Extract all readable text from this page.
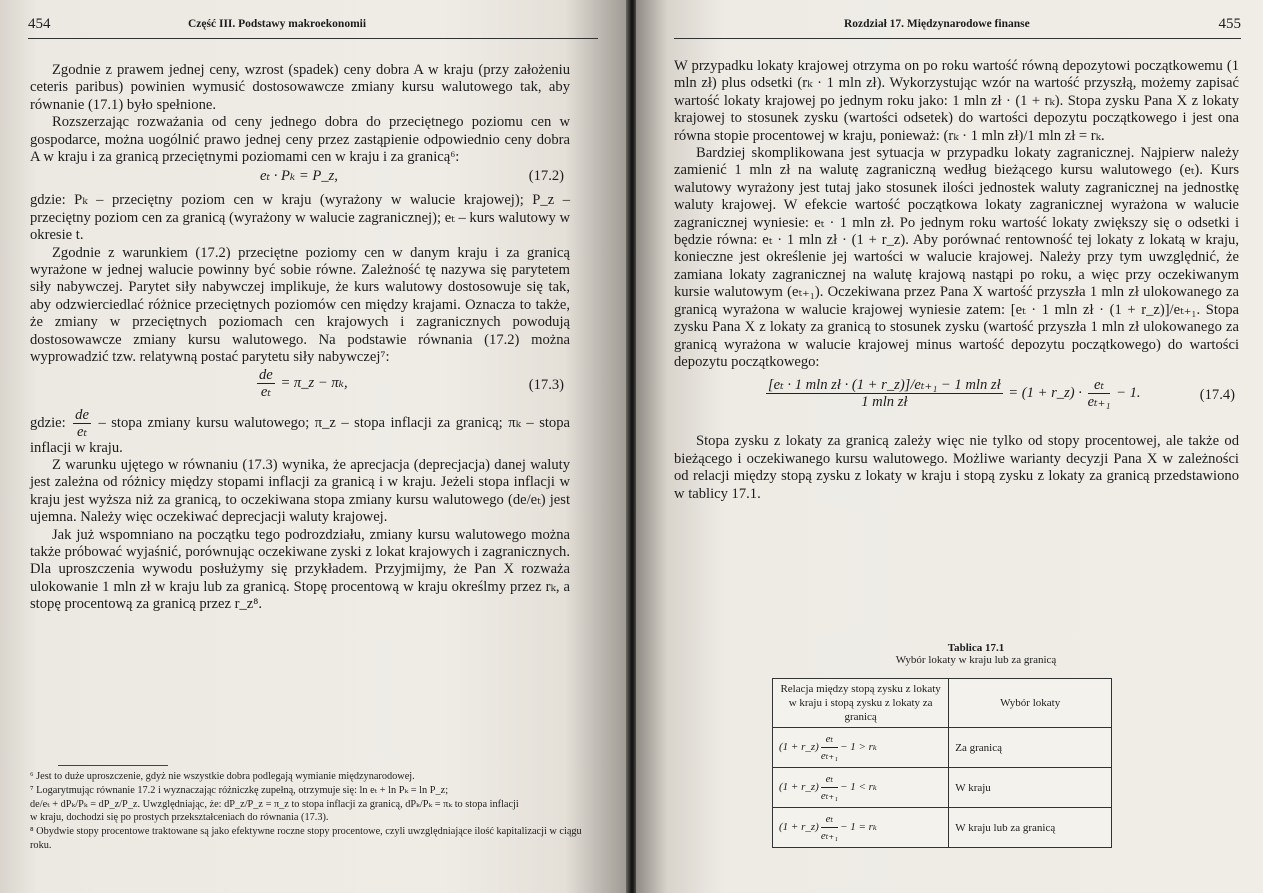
454	Część III. Podstawy makroekonomii

Zgodnie z prawem jednej ceny, wzrost (spadek) ceny dobra A w kraju (przy założeniu ceteris paribus) powinien wymusić dostosowawcze zmiany kursu walutowego tak, aby równanie (17.1) było spełnione.

Rozszerzając rozważania od ceny jednego dobra do przeciętnego poziomu cen w gospodarce, można uogólnić prawo jednej ceny przez zastąpienie odpowiednio ceny dobra A w kraju i za granicą przeciętnymi poziomami cen w kraju i za granicą⁶:

eₜ · Pₖ = P_z,	(17.2)

gdzie: Pₖ – przeciętny poziom cen w kraju (wyrażony w walucie krajowej); P_z – przeciętny poziom cen za granicą (wyrażony w walucie zagranicznej); eₜ – kurs walutowy w okresie t.

Zgodnie z warunkiem (17.2) przeciętne poziomy cen w danym kraju i za granicą wyrażone w jednej walucie powinny być sobie równe. Zależność tę nazywa się parytetem siły nabywczej. Parytet siły nabywczej implikuje, że kurs walutowy dostosowuje się tak, aby odzwierciedlać różnice przeciętnych poziomów cen między krajami. Oznacza to także, że zmiany w przeciętnych poziomach cen krajowych i zagranicznych powodują dostosowawcze zmiany kursu walutowego. Na podstawie równania (17.2) można wyprowadzić tzw. relatywną postać parytetu siły nabywczej⁷:

$\frac{de}{\text{eₜ}}$ = π_z − πₖ,	(17.3)

gdzie: $\frac{de}{\text{eₜ}}$ – stopa zmiany kursu walutowego; π_z – stopa inflacji za granicą; πₖ – stopa inflacji w kraju.

Z warunku ujętego w równaniu (17.3) wynika, że aprecjacja (deprecjacja) danej waluty jest zależna od różnicy między stopami inflacji za granicą i w kraju. Jeżeli stopa inflacji w kraju jest wyższa niż za granicą, to oczekiwana stopa zmiany kursu walutowego (de/eₜ) jest ujemna. Należy więc oczekiwać deprecjacji waluty krajowej.

Jak już wspomniano na początku tego podrozdziału, zmiany kursu walutowego można także próbować wyjaśnić, porównując oczekiwane zyski z lokat krajowych i zagranicznych. Dla uproszczenia wywodu posłużymy się przykładem. Przyjmijmy, że Pan X rozważa ulokowanie 1 mln zł w kraju lub za granicą. Stopę procentową w kraju określmy przez rₖ, a stopę procentową za granicą przez r_z⁸.

⁶ Jest to duże uproszczenie, gdyż nie wszystkie dobra podlegają wymianie międzynarodowej.

⁷ Logarytmując równanie 17.2 i wyznaczając różniczkę zupełną, otrzymuje się: ln eₜ + ln Pₖ = ln P_z;

de/eₜ + dPₖ/Pₖ = dP_z/P_z. Uwzględniając, że: dP_z/P_z = π_z to stopa inflacji za granicą, dPₖ/Pₖ = πₖ to stopa inflacji

w kraju, dochodzi się po prostych przekształceniach do równania (17.3).

⁸ Obydwie stopy procentowe traktowane są jako efektywne roczne stopy procentowe, czyli uwzględniające ilość kapitalizacji w ciągu roku.

Rozdział 17. Międzynarodowe finanse	455

W przypadku lokaty krajowej otrzyma on po roku wartość równą depozytowi początkowemu (1 mln zł) plus odsetki (rₖ · 1 mln zł). Wykorzystując wzór na wartość przyszłą, możemy zapisać wartość lokaty krajowej po jednym roku jako: 1 mln zł · (1 + rₖ). Stopa zysku Pana X z lokaty krajowej to stosunek zysku (wartości odsetek) do wartości depozytu początkowego i jest ona równa stopie procentowej w kraju, ponieważ: (rₖ · 1 mln zł)/1 mln zł = rₖ.

Bardziej skomplikowana jest sytuacja w przypadku lokaty zagranicznej. Najpierw należy zamienić 1 mln zł na walutę zagraniczną według bieżącego kursu walutowego (eₜ). Kurs walutowy wyrażony jest tutaj jako stosunek ilości jednostek waluty zagranicznej na jednostkę waluty krajowej. W efekcie wartość początkowa lokaty zagranicznej wyrażona w walucie zagranicznej wyniesie: eₜ · 1 mln zł. Po jednym roku wartość lokaty zwiększy się o odsetki i będzie równa: eₜ · 1 mln zł · (1 + r_z). Aby porównać rentowność tej lokaty z lokatą w kraju, konieczne jest określenie jej wartości w walucie krajowej. Należy przy tym uwzględnić, że zamiana lokaty zagranicznej na walutę krajową nastąpi po roku, a więc przy oczekiwanym kursie walutowym (eₜ₊₁). Oczekiwana przez Pana X wartość przyszła 1 mln zł ulokowanego za granicą wyrażona w walucie krajowej wyniesie zatem: [eₜ · 1 mln zł · (1 + r_z)]/eₜ₊₁. Stopa zysku Pana X z lokaty za granicą to stosunek zysku (wartość przyszła 1 mln zł ulokowanego za granicą wyrażona w walucie krajowej minus wartość depozytu początkowego) do wartości depozytu początkowego:

$\frac{\text{[eₜ · 1 mln zł · (1 + r\_z)]/eₜ₊₁ − 1 mln zł}}{\text{1 mln zł}} = (1$ + r_z) · $\frac{\text{eₜ}}{\text{eₜ₊₁}} - 1$.	(17.4)

Stopa zysku z lokaty za granicą zależy więc nie tylko od stopy procentowej, ale także od bieżącego i oczekiwanego kursu walutowego. Możliwe warianty decyzji Pana X w zależności od relacji między stopą zysku z lokaty w kraju i stopą zysku z lokaty za granicą przedstawiono w tablicy 17.1.

Tablica 17.1
Wybór lokaty w kraju lub za granicą
Relacja między stopą zysku z lokaty w kraju i stopą zysku z lokaty za granicą	Wybór lokaty
(1 + r_z) $\frac{\text{eₜ}}{\text{eₜ₊₁}} - 1 > r_k$	Za granicą
(1 + r_z) $\frac{\text{eₜ}}{\text{eₜ₊₁}} - 1 < r_k$	W kraju
(1 + r_z) $\frac{\text{eₜ}}{\text{eₜ₊₁}} - 1 = r_k$	W kraju lub za granicą
